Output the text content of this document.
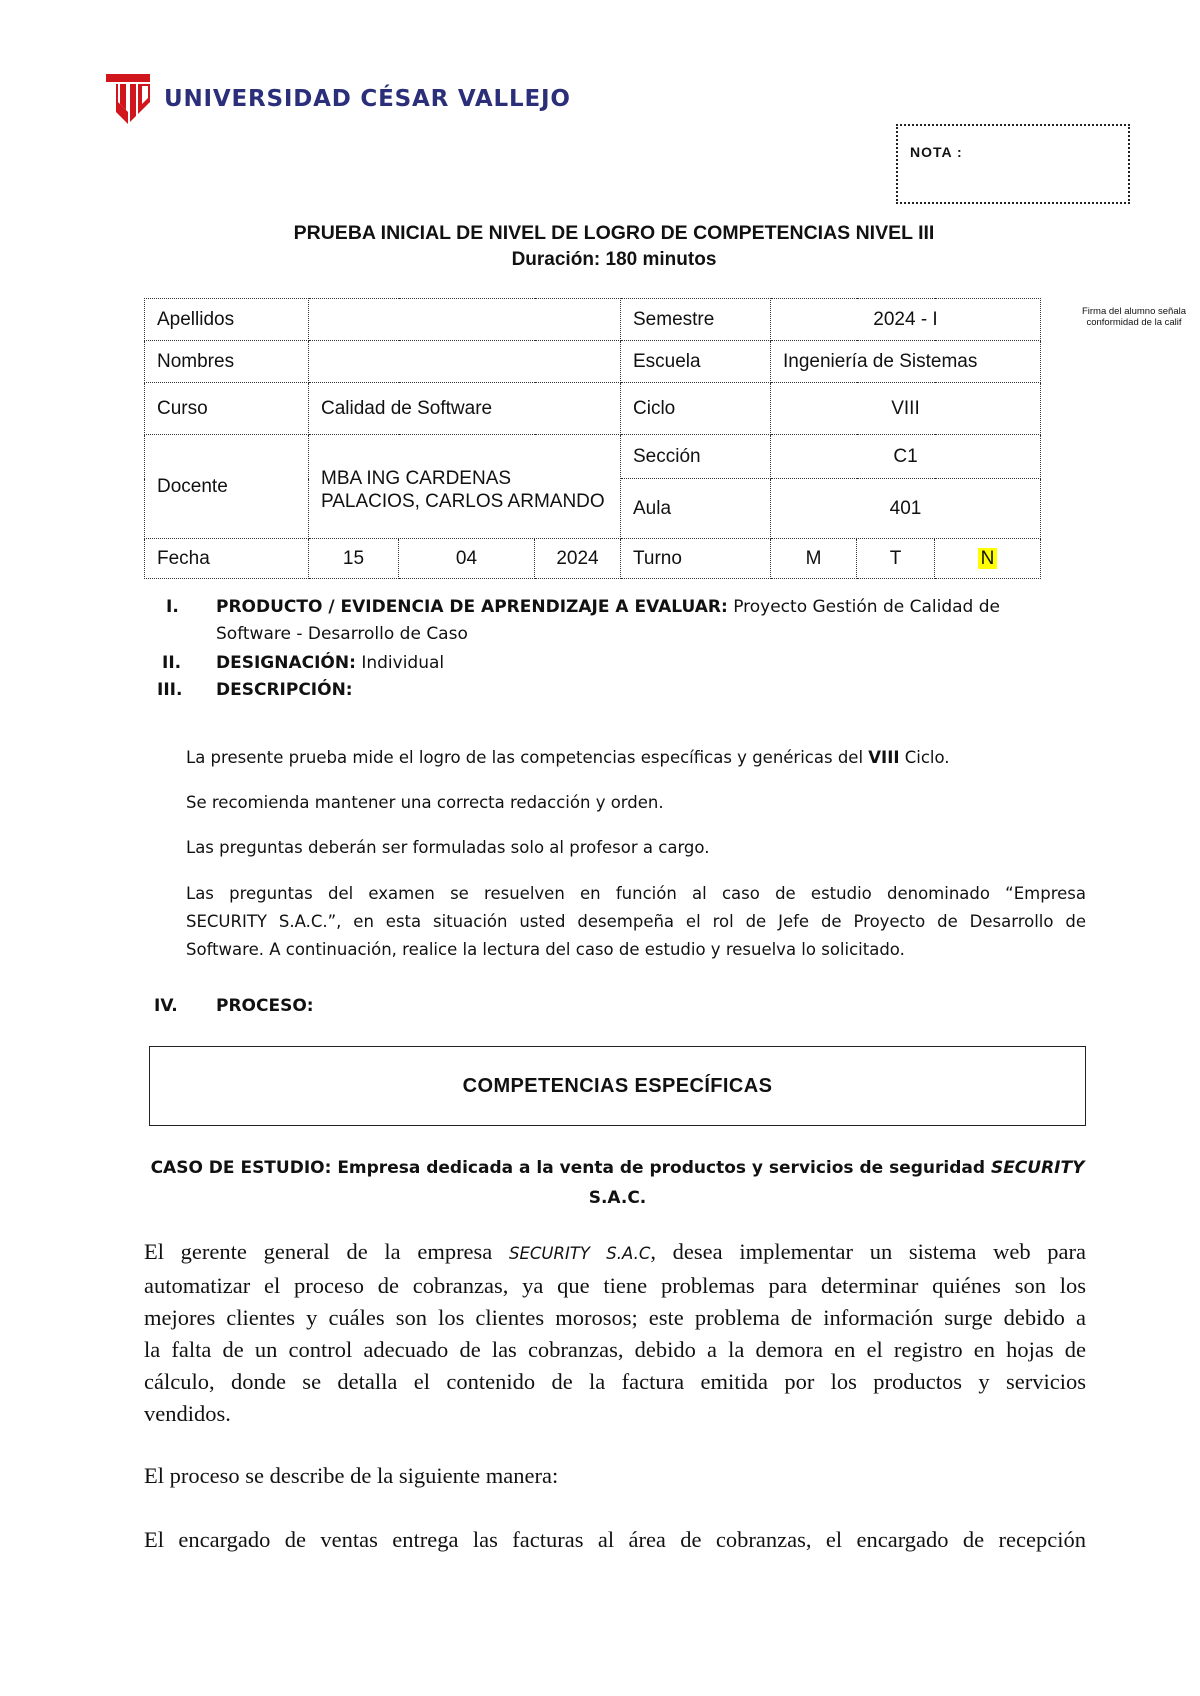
UNIVERSIDAD CÉSAR VALLEJO
NOTA :
Firma del alumno señala
conformidad de la calif
PRUEBA INICIAL DE NIVEL DE LOGRO DE COMPETENCIAS NIVEL III
Duración: 180 minutos
Apellidos				Semestre	2024 - I		
Nombres				Escuela	Ingeniería de Sistemas		
Curso	Calidad de Software			Ciclo	VIII		
Docente	MBA ING CARDENAS PALACIOS, CARLOS ARMANDO			Sección	C1		
				Aula	401		
Fecha	15	04	2024	Turno	M	T	N
I. PRODUCTO / EVIDENCIA DE APRENDIZAJE A EVALUAR: Proyecto Gestión de Calidad de
Software - Desarrollo de Caso
II. DESIGNACIÓN: Individual
III. DESCRIPCIÓN:
La presente prueba mide el logro de las competencias específicas y genéricas del VIII Ciclo.
Se recomienda mantener una correcta redacción y orden.
Las preguntas deberán ser formuladas solo al profesor a cargo.
Las preguntas del examen se resuelven en función al caso de estudio denominado “Empresa
SECURITY S.A.C.”, en esta situación usted desempeña el rol de Jefe de Proyecto de Desarrollo de
Software. A continuación, realice la lectura del caso de estudio y resuelva lo solicitado.
IV. PROCESO:
COMPETENCIAS ESPECÍFICAS
CASO DE ESTUDIO: Empresa dedicada a la venta de productos y servicios de seguridad SECURITY
S.A.C.
El gerente general de la empresa SECURITY S.A.C, desea implementar un sistema web para
automatizar el proceso de cobranzas, ya que tiene problemas para determinar quiénes son los
mejores clientes y cuáles son los clientes morosos; este problema de información surge debido a
la falta de un control adecuado de las cobranzas, debido a la demora en el registro en hojas de
cálculo, donde se detalla el contenido de la factura emitida por los productos y servicios
vendidos.
El proceso se describe de la siguiente manera:
El encargado de ventas entrega las facturas al área de cobranzas, el encargado de recepción
